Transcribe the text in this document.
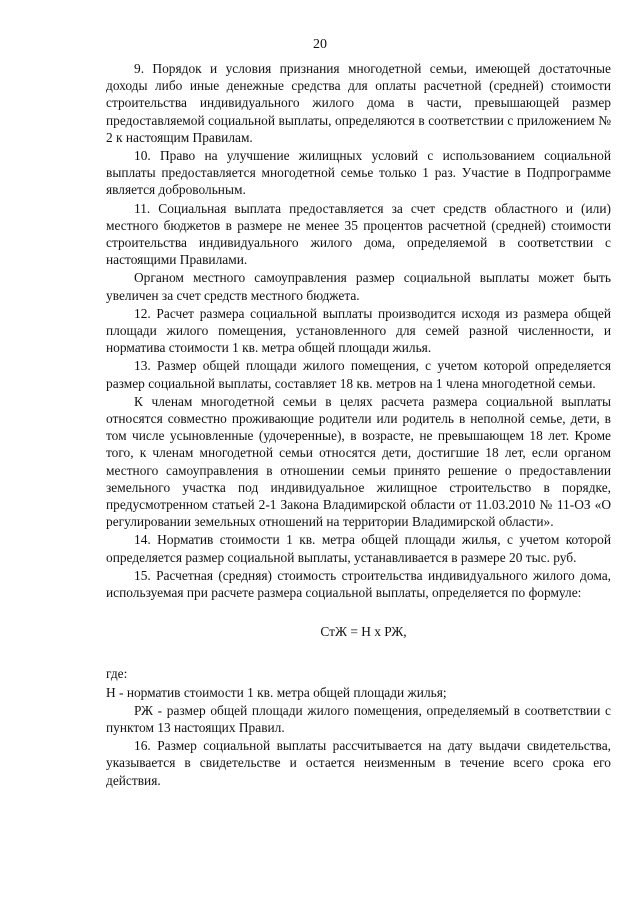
20

9. Порядок и условия признания многодетной семьи, имеющей достаточные доходы либо иные денежные средства для оплаты расчетной (средней) стоимости строительства индивидуального жилого дома в части, превышающей размер предоставляемой социальной выплаты, определяются в соответствии с приложением № 2 к настоящим Правилам.

10. Право на улучшение жилищных условий с использованием социальной выплаты предоставляется многодетной семье только 1 раз. Участие в Подпрограмме является добровольным.

11. Социальная выплата предоставляется за счет средств областного и (или) местного бюджетов в размере не менее 35 процентов расчетной (средней) стоимости строительства индивидуального жилого дома, определяемой в соответствии с настоящими Правилами.

Органом местного самоуправления размер социальной выплаты может быть увеличен за счет средств местного бюджета.

12. Расчет размера социальной выплаты производится исходя из размера общей площади жилого помещения, установленного для семей разной численности, и норматива стоимости 1 кв. метра общей площади жилья.

13. Размер общей площади жилого помещения, с учетом которой определяется размер социальной выплаты, составляет 18 кв. метров на 1 члена многодетной семьи.

К членам многодетной семьи в целях расчета размера социальной выплаты относятся совместно проживающие родители или родитель в неполной семье, дети, в том числе усыновленные (удочеренные), в возрасте, не превышающем 18 лет. Кроме того, к членам многодетной семьи относятся дети, достигшие 18 лет, если органом местного самоуправления в отношении семьи принято решение о предоставлении земельного участка под индивидуальное жилищное строительство в порядке, предусмотренном статьей 2-1 Закона Владимирской области от 11.03.2010 № 11-ОЗ «О регулировании земельных отношений на территории Владимирской области».

14. Норматив стоимости 1 кв. метра общей площади жилья, с учетом которой определяется размер социальной выплаты, устанавливается в размере 20 тыс. руб.

15. Расчетная (средняя) стоимость строительства индивидуального жилого дома, используемая при расчете размера социальной выплаты, определяется по формуле:

СтЖ = Н х РЖ,

где:

Н - норматив стоимости 1 кв. метра общей площади жилья;

РЖ - размер общей площади жилого помещения, определяемый в соответствии с пунктом 13 настоящих Правил.

16. Размер социальной выплаты рассчитывается на дату выдачи свидетельства, указывается в свидетельстве и остается неизменным в течение всего срока его действия.
